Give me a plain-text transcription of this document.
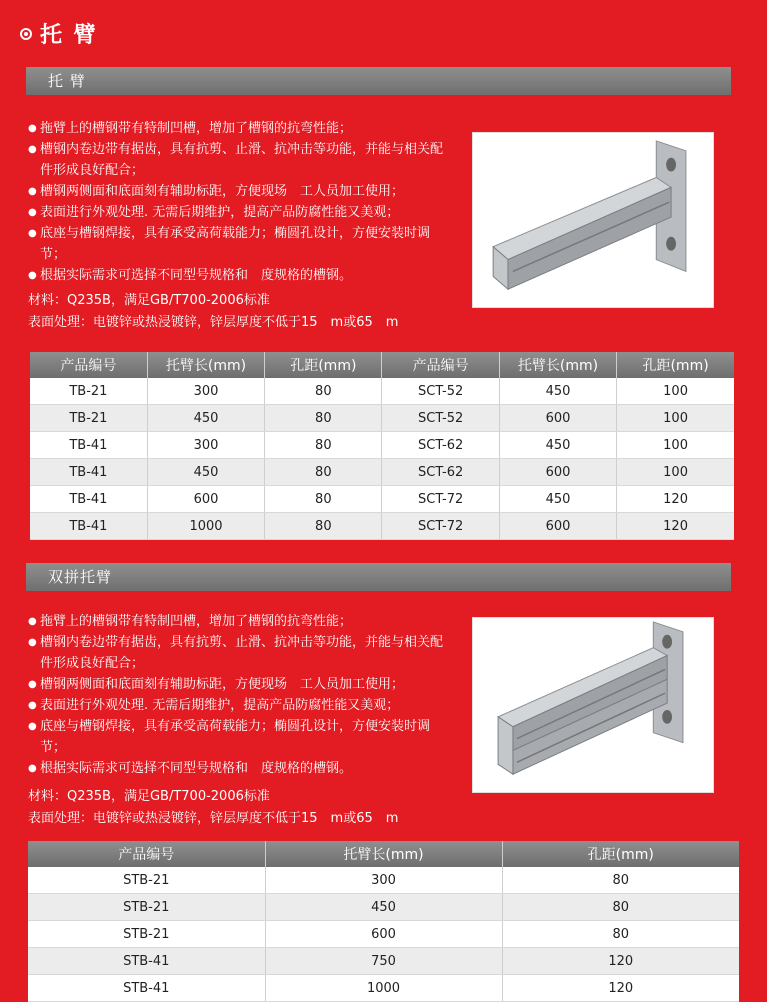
托 臂
托 臂
● 拖臂上的槽钢带有特制凹槽，增加了槽钢的抗弯性能；
● 槽钢内卷边带有据齿，具有抗剪、止滑、抗冲击等功能，并能与相关配件形成良好配合；
● 槽钢两侧面和底面刻有辅助标距，方便现场　工人员加工使用；
● 表面进行外观处理. 无需后期维护，提高产品防腐性能又美观；
● 底座与槽钢焊接，具有承受高荷载能力；椭圆孔设计，方便安装时调节；
● 根据实际需求可选择不同型号规格和　度规格的槽钢。
材料：Q235B，满足GB/T700-2006标准
表面处理：电镀锌或热浸镀锌，锌层厚度不低于15　m或65　m
产品编号	托臂长(mm)	孔距(mm)	产品编号	托臂长(mm)	孔距(mm)
TB-21	300	80	SCT-52	450	100
TB-21	450	80	SCT-52	600	100
TB-41	300	80	SCT-62	450	100
TB-41	450	80	SCT-62	600	100
TB-41	600	80	SCT-72	450	120
TB-41	1000	80	SCT-72	600	120
双拼托臂
● 拖臂上的槽钢带有特制凹槽，增加了槽钢的抗弯性能；
● 槽钢内卷边带有据齿，具有抗剪、止滑、抗冲击等功能，并能与相关配件形成良好配合；
● 槽钢两侧面和底面刻有辅助标距，方便现场　工人员加工使用；
● 表面进行外观处理. 无需后期维护，提高产品防腐性能又美观；
● 底座与槽钢焊接，具有承受高荷载能力；椭圆孔设计，方便安装时调节；
● 根据实际需求可选择不同型号规格和　度规格的槽钢。
材料：Q235B，满足GB/T700-2006标准
表面处理：电镀锌或热浸镀锌，锌层厚度不低于15　m或65　m
产品编号	托臂长(mm)	孔距(mm)
STB-21	300	80
STB-21	450	80
STB-21	600	80
STB-41	750	120
STB-41	1000	120
